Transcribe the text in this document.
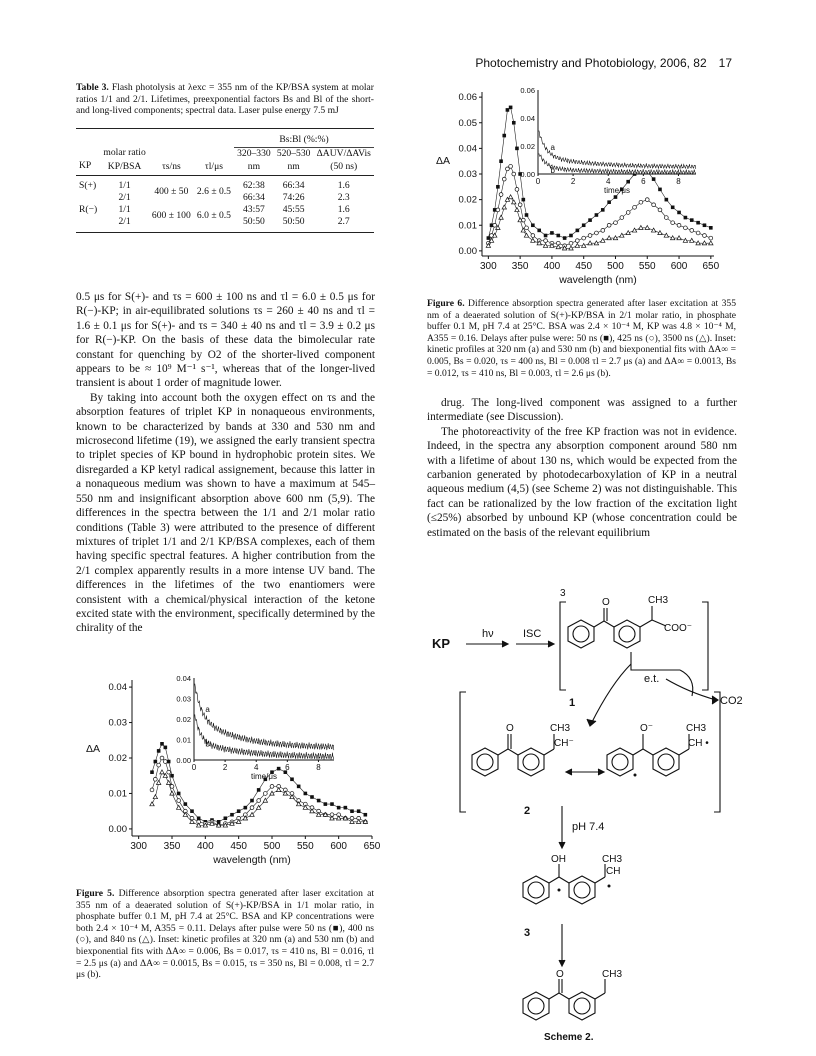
Photochemistry and Photobiology, 2006, 82 17
Table 3. Flash photolysis at λexc = 355 nm of the KP/BSA system at molar ratios 1/1 and 2/1. Lifetimes, preexponential factors Bs and Bl of the short- and long-lived components; spectral data. Laser pulse energy 7.5 mJ
				Bs:Bl (%:%)		
	molar ratio			320–330	520–530	ΔAUV/ΔAVis
KP	KP/BSA	τs/ns	τl/μs	nm	nm	(50 ns)

S(+)	1/1	400 ± 50	2.6 ± 0.5	62:38	66:34	1.6
	2/1			66:34	74:26	2.3
R(−)	1/1	600 ± 100	6.0 ± 0.5	43:57	45:55	1.6
	2/1			50:50	50:50	2.7

0.5 μs for S(+)- and τs = 600 ± 100 ns and τl = 6.0 ± 0.5 μs for R(−)-KP; in air-equilibrated solutions τs = 260 ± 40 ns and τl = 1.6 ± 0.1 μs for S(+)- and τs = 340 ± 40 ns and τl = 3.9 ± 0.2 μs for R(−)-KP. On the basis of these data the bimolecular rate constant for quenching by O2 of the shorter-lived component appears to be ≈ 10⁹ M⁻¹ s⁻¹, whereas that of the longer-lived transient is about 1 order of magnitude lower.

By taking into account both the oxygen effect on τs and the absorption features of triplet KP in nonaqueous environments, known to be characterized by bands at 330 and 530 nm and microsecond lifetime (19), we assigned the early transient spectra to triplet species of KP bound in hydrophobic protein sites. We disregarded a KP ketyl radical assignement, because this latter in a nonaqueous medium was shown to have a maximum at 545–550 nm and insignificant absorption above 600 nm (5,9). The differences in the spectra between the 1/1 and 2/1 molar ratio conditions (Table 3) were attributed to the presence of different mixtures of triplet 1/1 and 2/1 KP/BSA complexes, each of them having specific spectral features. A higher contribution from the 2/1 complex apparently results in a more intense UV band. The differences in the lifetimes of the two enantiomers were consistent with a chemical/physical interaction of the ketone excited state with the environment, specifically determined by the chirality of the

300 350 400 450 500 550 600 650
0.00
0.01
0.02
0.03
0.04
wavelength (nm)
ΔA
0	2	4	6	8
0.00
0.01
0.02
0.03
0.04
time/μs
a
b
Figure 5. Difference absorption spectra generated after laser excitation at 355 nm of a deaerated solution of S(+)-KP/BSA in 1/1 molar ratio, in phosphate buffer 0.1 M, pH 7.4 at 25°C. BSA and KP concentrations were both 2.4 × 10⁻⁴ M, A355 = 0.11. Delays after pulse were 50 ns (■), 400 ns (○), and 840 ns (△). Inset: kinetic profiles at 320 nm (a) and 530 nm (b) and biexponential fits with ΔA∞ = 0.006, Bs = 0.017, τs = 410 ns, Bl = 0.016, τl = 2.5 μs (a) and ΔA∞ = 0.0015, Bs = 0.015, τs = 350 ns, Bl = 0.008, τl = 2.7 μs (b).
300 350 400 450 500 550 600 650
0.00
0.01
0.02
0.03
0.04
0.05
0.06
wavelength (nm)
ΔA
0	2	4	6	8
0.00
0.02
0.04
0.06
time/μs
a
b
Figure 6. Difference absorption spectra generated after laser excitation at 355 nm of a deaerated solution of S(+)-KP/BSA in 2/1 molar ratio, in phosphate buffer 0.1 M, pH 7.4 at 25°C. BSA was 2.4 × 10⁻⁴ M, KP was 4.8 × 10⁻⁴ M, A355 = 0.16. Delays after pulse were: 50 ns (■), 425 ns (○), 3500 ns (△). Inset: kinetic profiles at 320 nm (a) and 530 nm (b) and biexponential fits with ΔA∞ = 0.005, Bs = 0.020, τs = 400 ns, Bl = 0.008 τl = 2.7 μs (a) and ΔA∞ = 0.0013, Bs = 0.012, τs = 410 ns, Bl = 0.003, τl = 2.6 μs (b).

drug. The long-lived component was assigned to a further intermediate (see Discussion).

The photoreactivity of the free KP fraction was not in evidence. Indeed, in the spectra any absorption component around 580 nm with a lifetime of about 130 ns, which would be expected from the carbanion generated by photodecarboxylation of KP in a neutral aqueous medium (4,5) (see Scheme 2) was not distinguishable. This fact can be rationalized by the low fraction of the excitation light (≤25%) absorbed by unbound KP (whose concentration could be estimated on the basis of the relevant equilibrium

KP
hν	ISC
3
O	CH3
COO⁻
e.t.
CO2
1
O	CH3
CH⁻
O⁻	CH3
CH •
2
pH 7.4
OH	CH3
CH
3
O	CH3
Scheme 2.
